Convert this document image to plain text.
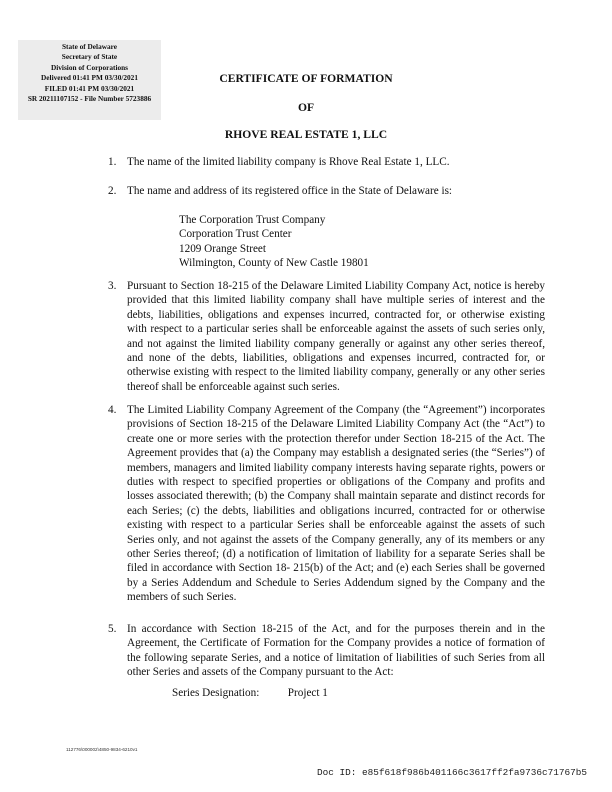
State of Delaware
Secretary of State
Division of Corporations
Delivered 01:41 PM 03/30/2021
FILED 01:41 PM 03/30/2021
SR 20211107152 - File Number 5723886
CERTIFICATE OF FORMATION
OF
RHOVE REAL ESTATE 1, LLC
1. The name of the limited liability company is Rhove Real Estate 1, LLC.
2. The name and address of its registered office in the State of Delaware is:
The Corporation Trust Company
Corporation Trust Center
1209 Orange Street
Wilmington, County of New Castle 19801
3. Pursuant to Section 18-215 of the Delaware Limited Liability Company Act, notice is hereby provided that this limited liability company shall have multiple series of interest and the debts, liabilities, obligations and expenses incurred, contracted for, or otherwise existing with respect to a particular series shall be enforceable against the assets of such series only, and not against the limited liability company generally or against any other series thereof, and none of the debts, liabilities, obligations and expenses incurred, contracted for, or otherwise existing with respect to the limited liability company, generally or any other series thereof shall be enforceable against such series.
4. The Limited Liability Company Agreement of the Company (the “Agreement”) incorporates provisions of Section 18-215 of the Delaware Limited Liability Company Act (the “Act”) to create one or more series with the protection therefor under Section 18-215 of the Act. The Agreement provides that (a) the Company may establish a designated series (the “Series”) of members, managers and limited liability company interests having separate rights, powers or duties with respect to specified properties or obligations of the Company and profits and losses associated therewith; (b) the Company shall maintain separate and distinct records for each Series; (c) the debts, liabilities and obligations incurred, contracted for or otherwise existing with respect to a particular Series shall be enforceable against the assets of such Series only, and not against the assets of the Company generally, any of its members or any other Series thereof; (d) a notification of limitation of liability for a separate Series shall be filed in accordance with Section 18- 215(b) of the Act; and (e) each Series shall be governed by a Series Addendum and Schedule to Series Addendum signed by the Company and the members of such Series.
5. In accordance with Section 18-215 of the Act, and for the purposes therein and in the Agreement, the Certificate of Formation for the Company provides a notice of formation of the following separate Series, and a notice of limitation of liabilities of such Series from all other Series and assets of the Company pursuant to the Act:
Series Designation:	Project 1
112776\000002\4850-9834-6210v1
Doc ID: e85f618f986b401166c3617ff2fa9736c71767b5
